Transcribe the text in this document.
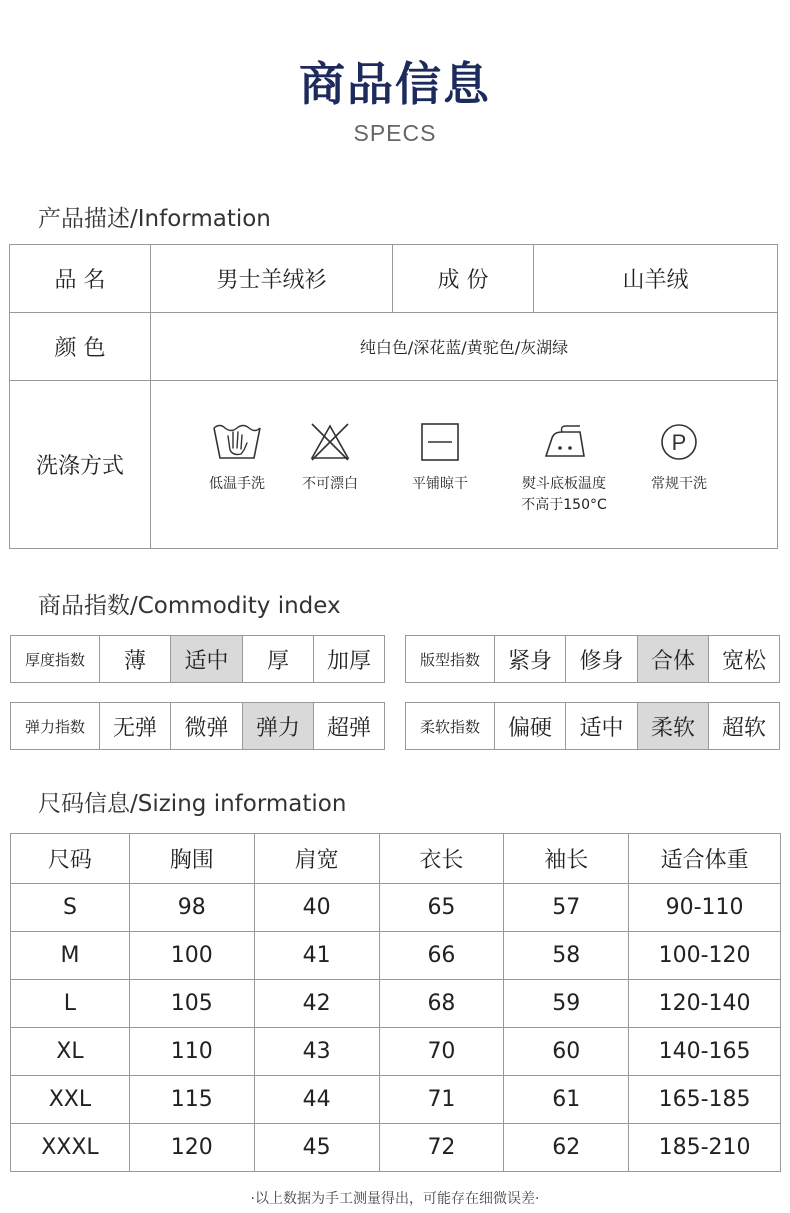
商品信息
SPECS
产品描述/Information
品 名	男士羊绒衫	成 份	山羊绒
颜 色	纯白色/深花蓝/黄驼色/灰湖绿
洗涤方式
低温手洗	不可漂白	平铺晾干	熨斗底板温度
不高于150°C
P
常规干洗
商品指数/Commodity index
厚度指数	薄	适中	厚	加厚	版型指数	紧身	修身	合体	宽松
弹力指数	无弹	微弹	弹力	超弹	柔软指数	偏硬	适中	柔软	超软
尺码信息/Sizing information
尺码	胸围	肩宽	衣长	袖长	适合体重
S	98	40	65	57	90-110
M	100	41	66	58	100-120
L	105	42	68	59	120-140
XL	110	43	70	60	140-165
XXL	115	44	71	61	165-185
XXXL	120	45	72	62	185-210
·以上数据为手工测量得出，可能存在细微误差·
